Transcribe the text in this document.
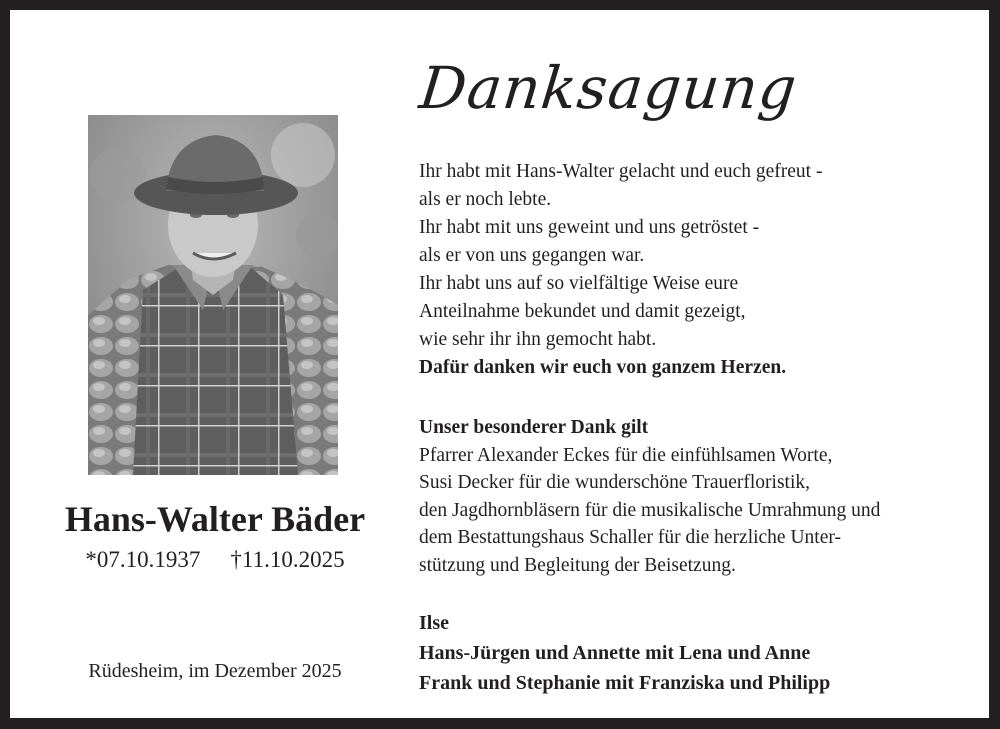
Hans-Walter Bäder
*07.10.1937 †11.10.2025
Rüdesheim, im Dezember 2025
Danksagung

Ihr habt mit Hans-Walter gelacht und euch gefreut -

als er noch lebte.

Ihr habt mit uns geweint und uns getröstet -

als er von uns gegangen war.

Ihr habt uns auf so vielfältige Weise eure

Anteilnahme bekundet und damit gezeigt,

wie sehr ihr ihn gemocht habt.

Dafür danken wir euch von ganzem Herzen.

Unser besonderer Dank gilt

Pfarrer Alexander Eckes für die einfühlsamen Worte,

Susi Decker für die wunderschöne Trauerfloristik,

den Jagdhornbläsern für die musikalische Umrahmung und

dem Bestattungshaus Schaller für die herzliche Unter-

stützung und Begleitung der Beisetzung.

Ilse

Hans-Jürgen und Annette mit Lena und Anne

Frank und Stephanie mit Franziska und Philipp
